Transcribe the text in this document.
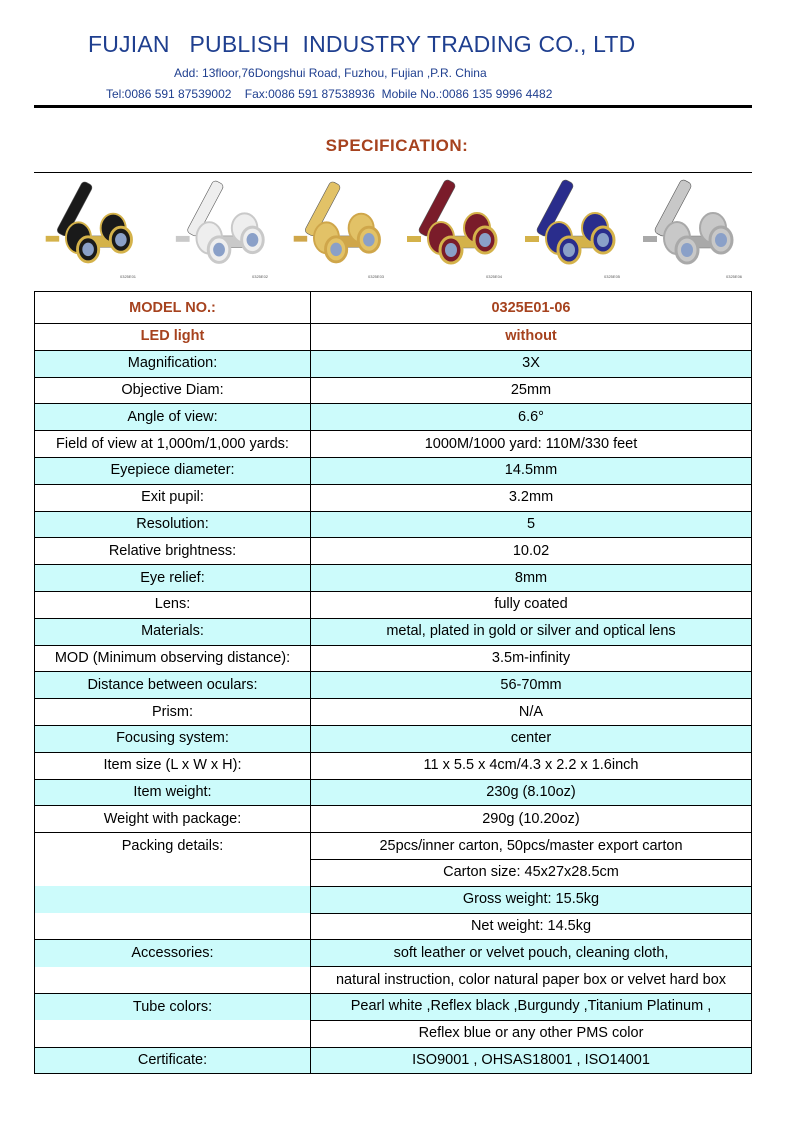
FUJIAN   PUBLISH  INDUSTRY TRADING CO., LTD
Add: 13floor,76Dongshui Road, Fuzhou, Fujian ,P.R. China
Tel:0086 591 87539002    Fax:0086 591 87538936  Mobile No.:0086 135 9996 4482
SPECIFICATION:
0325E01	0325E02	0325E03	0325E04	0325E05	0325E06
MODEL NO.:	0325E01-06
LED light	without
Magnification:	3X
Objective Diam:	25mm
Angle of view:	6.6°
Field of view at 1,000m/1,000 yards:	1000M/1000 yard: 110M/330 feet
Eyepiece diameter:	14.5mm
Exit pupil:	3.2mm
Resolution:	5
Relative brightness:	10.02
Eye relief:	8mm
Lens:	fully coated
Materials:	metal, plated in gold or silver and optical lens
MOD (Minimum observing distance):	3.5m-infinity
Distance between oculars:	56-70mm
Prism:	N/A
Focusing system:	center
Item size (L x W x H):	11 x 5.5 x 4cm/4.3 x 2.2 x 1.6inch
Item weight:	230g (8.10oz)
Weight with package:	290g (10.20oz)
Packing details:	25pcs/inner carton, 50pcs/master export carton
	Carton size: 45x27x28.5cm
	Gross weight: 15.5kg
	Net weight: 14.5kg
Accessories:	soft leather or velvet pouch, cleaning cloth,
	natural instruction, color natural paper box or velvet hard box
Tube colors:	Pearl white ,Reflex black ,Burgundy ,Titanium Platinum ,
	Reflex blue or any other PMS color
Certificate:	ISO9001 , OHSAS18001 , ISO14001
